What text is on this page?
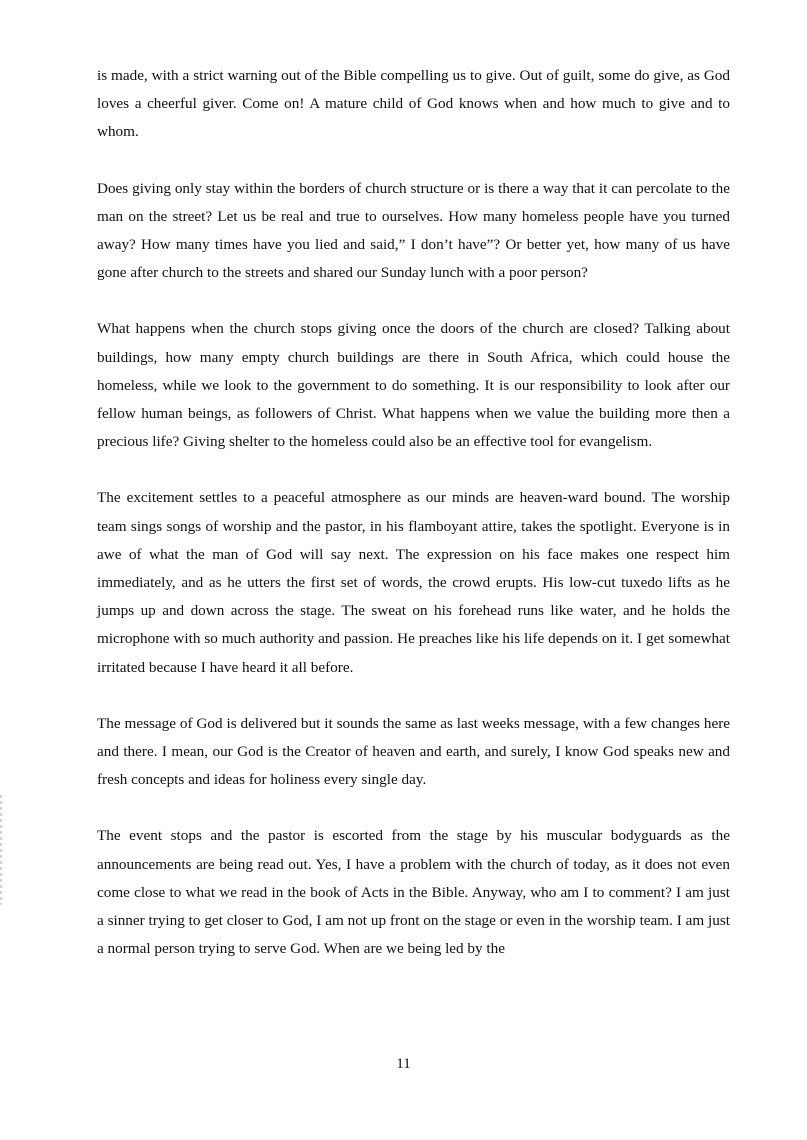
is made, with a strict warning out of the Bible compelling us to give. Out of guilt, some do give, as God loves a cheerful giver. Come on! A mature child of God knows when and how much to give and to whom.

Does giving only stay within the borders of church structure or is there a way that it can percolate to the man on the street? Let us be real and true to ourselves. How many homeless people have you turned away? How many times have you lied and said,” I don’t have”? Or better yet, how many of us have gone after church to the streets and shared our Sunday lunch with a poor person?

What happens when the church stops giving once the doors of the church are closed? Talking about buildings, how many empty church buildings are there in South Africa, which could house the homeless, while we look to the government to do something. It is our responsibility to look after our fellow human beings, as followers of Christ. What happens when we value the building more then a precious life? Giving shelter to the homeless could also be an effective tool for evangelism.

The excitement settles to a peaceful atmosphere as our minds are heaven-ward bound. The worship team sings songs of worship and the pastor, in his flamboyant attire, takes the spotlight. Everyone is in awe of what the man of God will say next. The expression on his face makes one respect him immediately, and as he utters the first set of words, the crowd erupts. His low-cut tuxedo lifts as he jumps up and down across the stage. The sweat on his forehead runs like water, and he holds the microphone with so much authority and passion. He preaches like his life depends on it. I get somewhat irritated because I have heard it all before.

The message of God is delivered but it sounds the same as last weeks message, with a few changes here and there. I mean, our God is the Creator of heaven and earth, and surely, I know God speaks new and fresh concepts and ideas for holiness every single day.

The event stops and the pastor is escorted from the stage by his muscular bodyguards as the announcements are being read out. Yes, I have a problem with the church of today, as it does not even come close to what we read in the book of Acts in the Bible. Anyway, who am I to comment? I am just a sinner trying to get closer to God, I am not up front on the stage or even in the worship team. I am just a normal person trying to serve God. When are we being led by the

11
